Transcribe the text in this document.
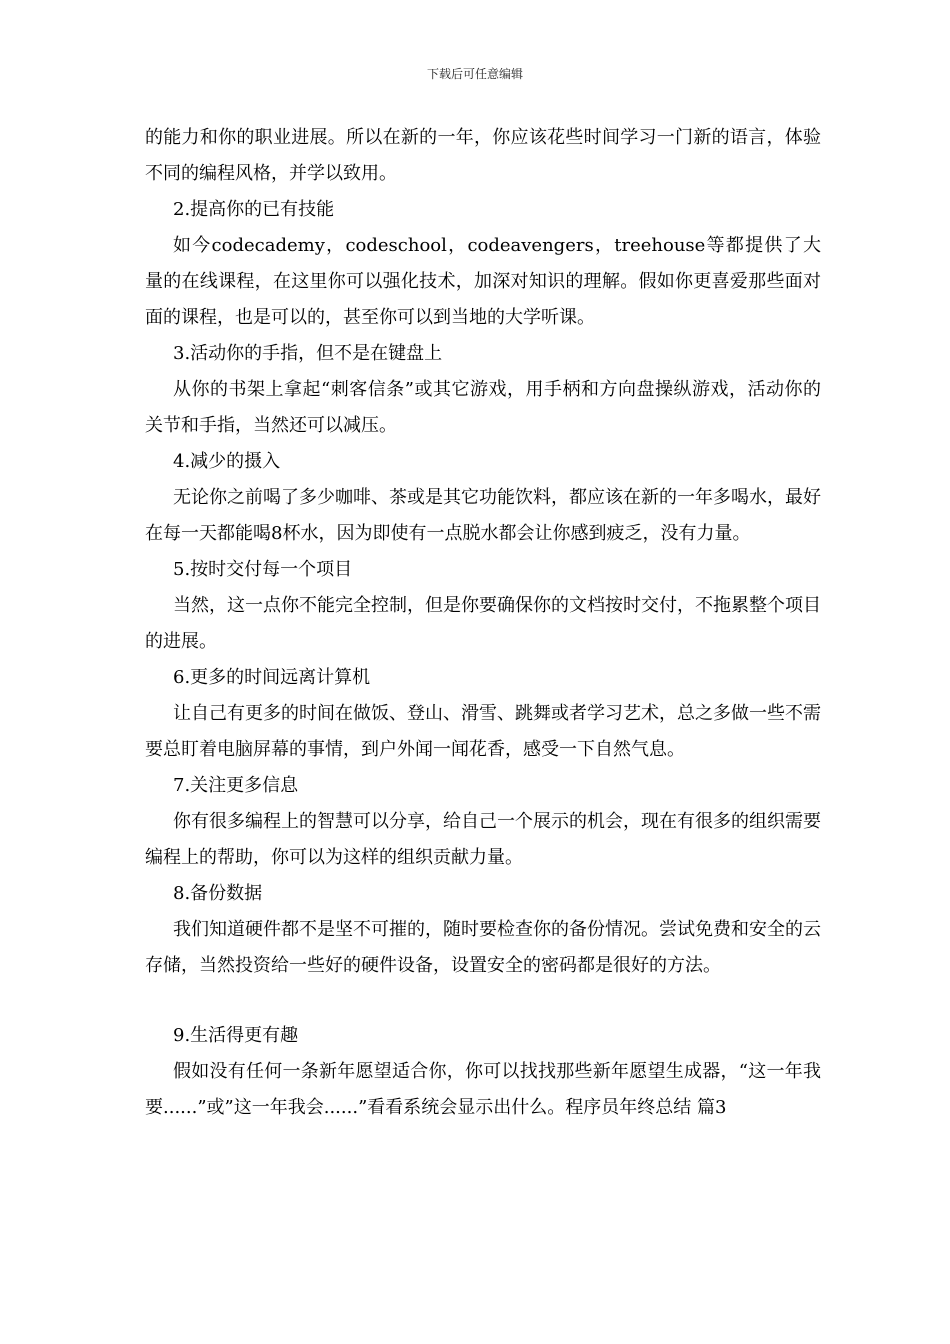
下载后可任意编辑

的能力和你的职业进展。所以在新的一年，你应该花些时间学习一门新的语言，体验不同的编程风格，并学以致用。

2.提高你的已有技能

如今codecademy，codeschool，codeavengers，treehouse等都提供了大量的在线课程，在这里你可以强化技术，加深对知识的理解。假如你更喜爱那些面对面的课程，也是可以的，甚至你可以到当地的大学听课。

3.活动你的手指，但不是在键盘上

从你的书架上拿起“刺客信条”或其它游戏，用手柄和方向盘操纵游戏，活动你的关节和手指，当然还可以减压。

4.减少的摄入

无论你之前喝了多少咖啡、茶或是其它功能饮料，都应该在新的一年多喝水，最好在每一天都能喝8杯水，因为即使有一点脱水都会让你感到疲乏，没有力量。

5.按时交付每一个项目

当然，这一点你不能完全控制，但是你要确保你的文档按时交付，不拖累整个项目的进展。

6.更多的时间远离计算机

让自己有更多的时间在做饭、登山、滑雪、跳舞或者学习艺术，总之多做一些不需要总盯着电脑屏幕的事情，到户外闻一闻花香，感受一下自然气息。

7.关注更多信息

你有很多编程上的智慧可以分享，给自己一个展示的机会，现在有很多的组织需要编程上的帮助，你可以为这样的组织贡献力量。

8.备份数据

我们知道硬件都不是坚不可摧的，随时要检查你的备份情况。尝试免费和安全的云存储，当然投资给一些好的硬件设备，设置安全的密码都是很好的方法。

9.生活得更有趣

假如没有任何一条新年愿望适合你，你可以找找那些新年愿望生成器，“这一年我要......”或”这一年我会......”看看系统会显示出什么。程序员年终总结 篇3
